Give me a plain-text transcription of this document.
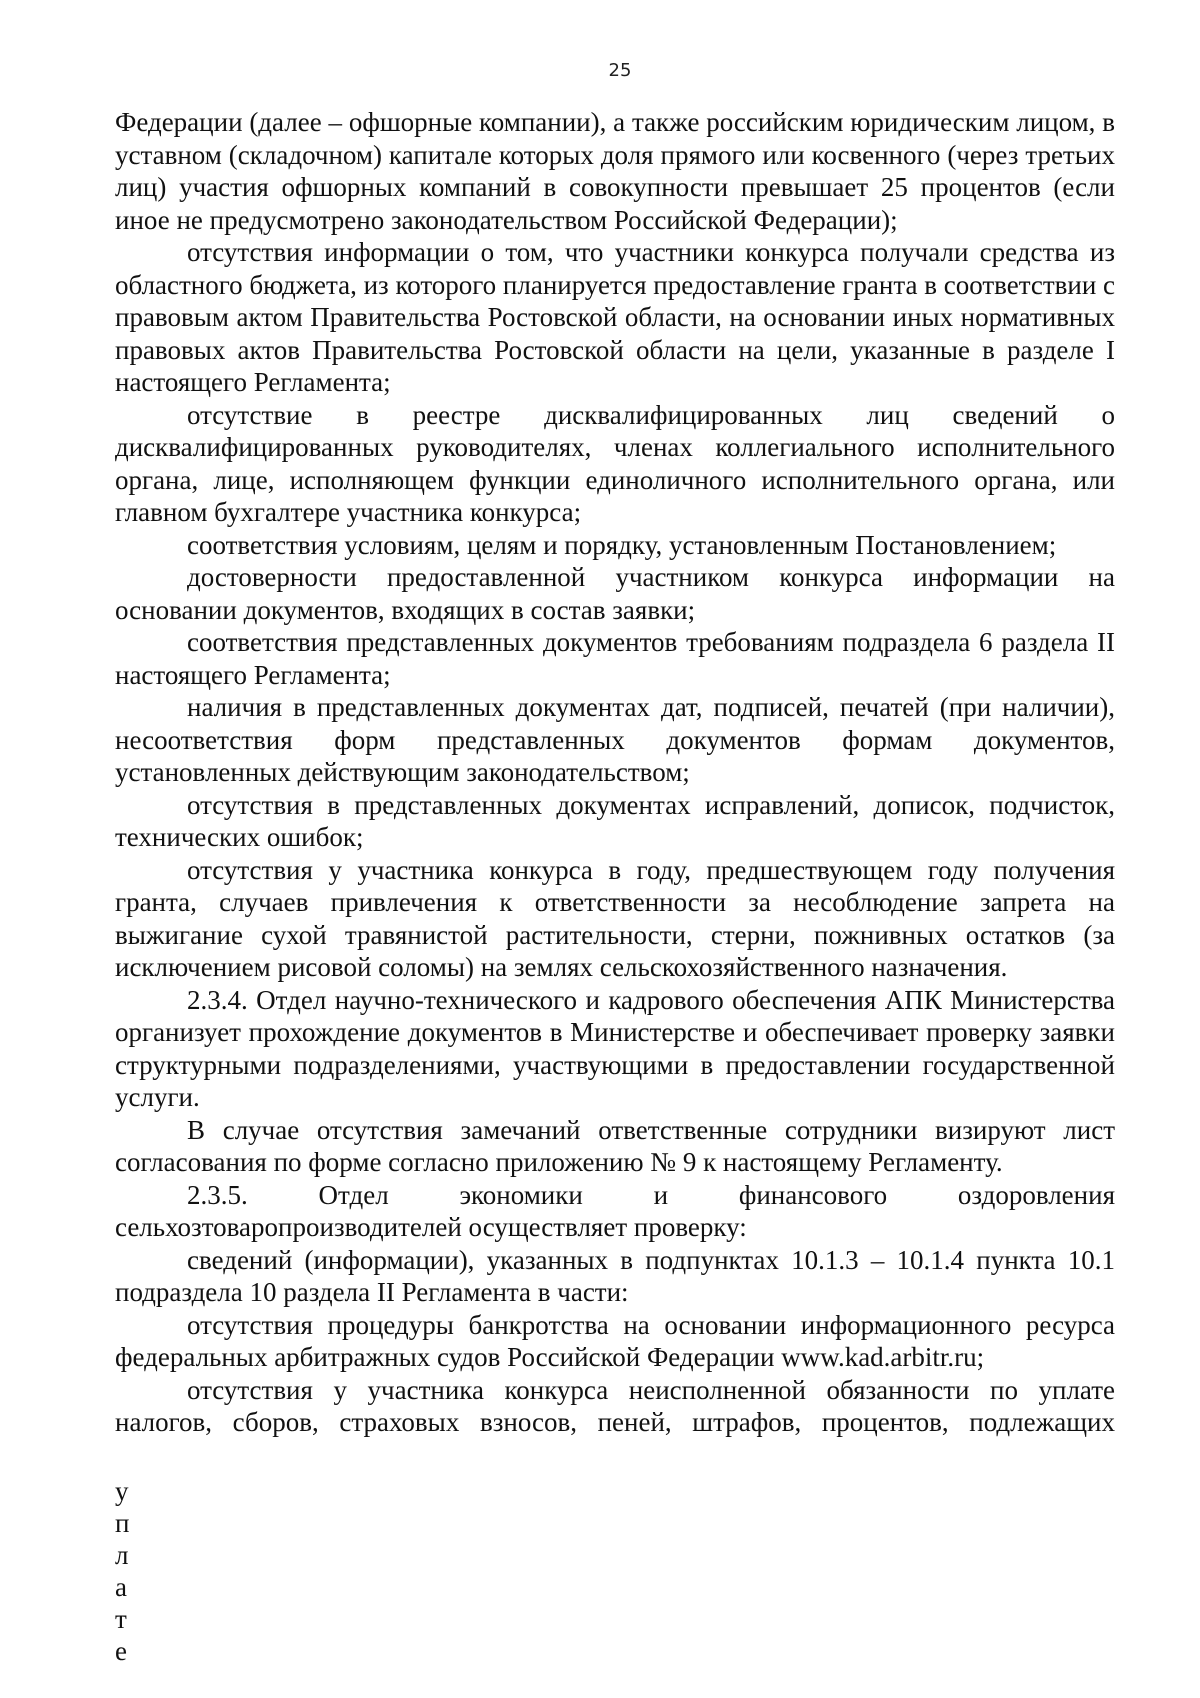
25

Федерации (далее – офшорные компании), а также российским юридическим лицом, в уставном (складочном) капитале которых доля прямого или косвенного (через третьих лиц) участия офшорных компаний в совокупности превышает 25 процентов (если иное не предусмотрено законодательством Российской Федерации);

отсутствия информации о том, что участники конкурса получали средства из областного бюджета, из которого планируется предоставление гранта в соответствии с правовым актом Правительства Ростовской области, на основании иных нормативных правовых актов Правительства Ростовской области на цели, указанные в разделе I настоящего Регламента;

отсутствие в реестре дисквалифицированных лиц сведений о дисквалифицированных руководителях, членах коллегиального исполнительного органа, лице, исполняющем функции единоличного исполнительного органа, или главном бухгалтере участника конкурса;

соответствия условиям, целям и порядку, установленным Постановлением;

достоверности предоставленной участником конкурса информации на основании документов, входящих в состав заявки;

соответствия представленных документов требованиям подраздела 6 раздела II настоящего Регламента;

наличия в представленных документах дат, подписей, печатей (при наличии), несоответствия форм представленных документов формам документов, установленных действующим законодательством;

отсутствия в представленных документах исправлений, дописок, подчисток, технических ошибок;

отсутствия у участника конкурса в году, предшествующем году получения гранта, случаев привлечения к ответственности за несоблюдение запрета на выжигание сухой травянистой растительности, стерни, пожнивных остатков (за исключением рисовой соломы) на землях сельскохозяйственного назначения.

2.3.4. Отдел научно-технического и кадрового обеспечения АПК Министерства организует прохождение документов в Министерстве и обеспечивает проверку заявки структурными подразделениями, участвующими в предоставлении государственной услуги.

В случае отсутствия замечаний ответственные сотрудники визируют лист согласования по форме согласно приложению № 9 к настоящему Регламенту.

2.3.5. Отдел экономики и финансового оздоровления сельхозтоваропроизводителей осуществляет проверку:

сведений (информации), указанных в подпунктах 10.1.3 – 10.1.4 пункта 10.1 подраздела 10 раздела II Регламента в части:

отсутствия процедуры банкротства на основании информационного ресурса федеральных арбитражных судов Российской Федерации www.kad.arbitr.ru;

отсутствия у участника конкурса неисполненной обязанности по уплате налогов, сборов, страховых взносов, пеней, штрафов, процентов, подлежащих

у
п
л
а
т
е
